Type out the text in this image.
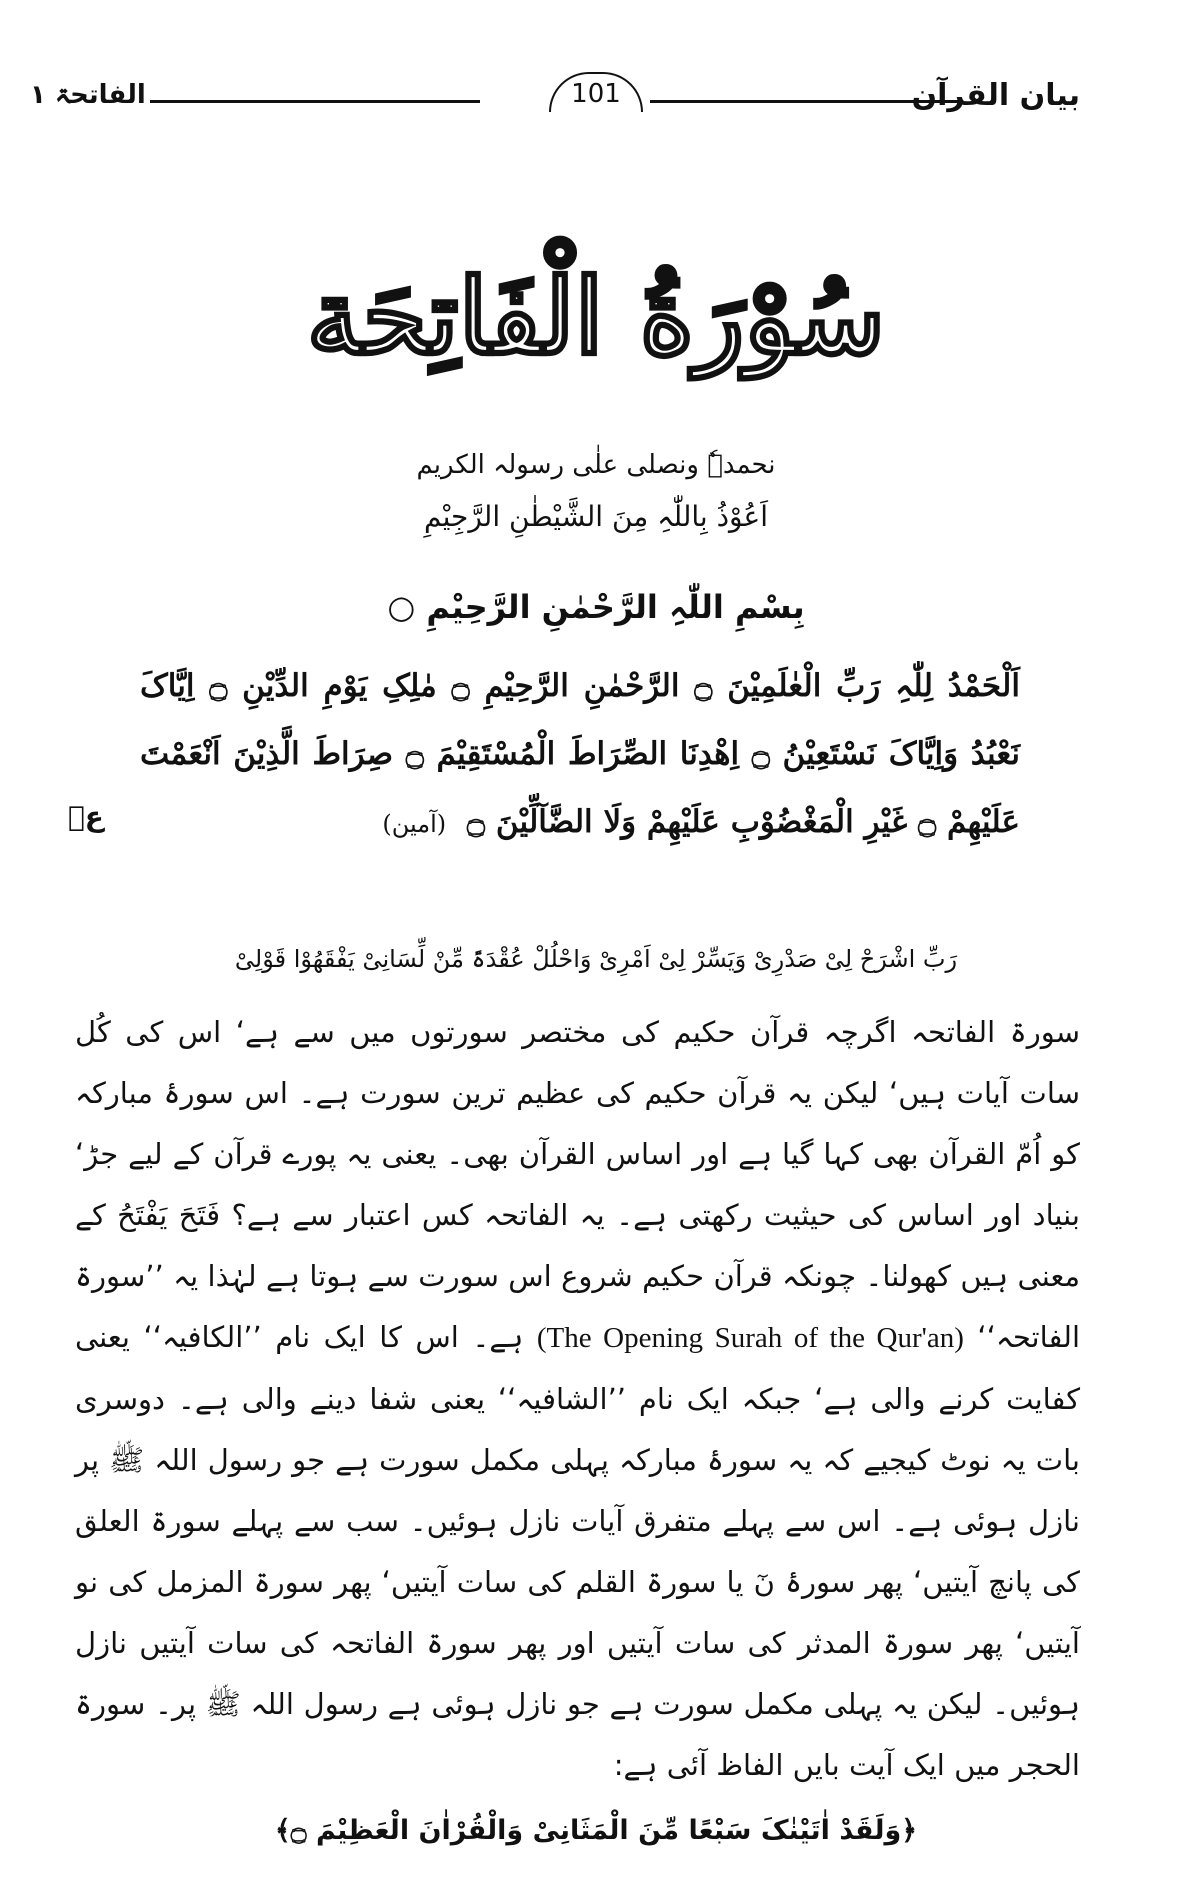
الفاتحۃ ۱	101	بیان القرآن
سُوْرَةُ الْفَاتِحَة
نحمدہٗ ونصلی علٰی رسولہ الکریم
اَعُوْذُ بِاللّٰہِ مِنَ الشَّیْطٰنِ الرَّجِیْمِ
بِسْمِ اللّٰہِ الرَّحْمٰنِ الرَّحِیْمِ ○
اَلْحَمْدُ لِلّٰہِ رَبِّ الْعٰلَمِیْنَ ۝ الرَّحْمٰنِ الرَّحِیْمِ ۝ مٰلِکِ یَوْمِ الدِّیْنِ ۝ اِیَّاکَ نَعْبُدُ وَاِیَّاکَ نَسْتَعِیْنُ ۝ اِھْدِنَا الصِّرَاطَ الْمُسْتَقِیْمَ ۝ صِرَاطَ الَّذِیْنَ اَنْعَمْتَ عَلَیْھِمْ ۝ غَیْرِ الْمَغْضُوْبِ عَلَیْھِمْ وَلَا الضَّآلِّیْنَ ۝ (آمین)
عۡ
رَبِّ اشْرَحْ لِیْ صَدْرِیْ وَیَسِّرْ لِیْ اَمْرِیْ وَاحْلُلْ عُقْدَۃً مِّنْ لِّسَانِیْ یَفْقَھُوْا قَوْلِیْ
سورۃ الفاتحہ اگرچہ قرآن حکیم کی مختصر سورتوں میں سے ہے‘ اس کی کُل سات آیات ہیں‘ لیکن یہ قرآن حکیم کی عظیم ترین سورت ہے۔ اس سورۂ مبارکہ کو اُمّ القرآن بھی کہا گیا ہے اور اساس القرآن بھی۔ یعنی یہ پورے قرآن کے لیے جڑ‘ بنیاد اور اساس کی حیثیت رکھتی ہے۔ یہ الفاتحہ کس اعتبار سے ہے؟ فَتَحَ یَفْتَحُ کے معنی ہیں کھولنا۔ چونکہ قرآن حکیم شروع اس سورت سے ہوتا ہے لہٰذا یہ ’’سورۃ الفاتحہ‘‘ (The Opening Surah of the Qur'an) ہے۔ اس کا ایک نام ’’الکافیہ‘‘ یعنی کفایت کرنے والی ہے‘ جبکہ ایک نام ’’الشافیہ‘‘ یعنی شفا دینے والی ہے۔ دوسری بات یہ نوٹ کیجیے کہ یہ سورۂ مبارکہ پہلی مکمل سورت ہے جو رسول اللہ ﷺ پر نازل ہوئی ہے۔ اس سے پہلے متفرق آیات نازل ہوئیں۔ سب سے پہلے سورۃ العلق کی پانچ آیتیں‘ پھر سورۂ نٓ یا سورۃ القلم کی سات آیتیں‘ پھر سورۃ المزمل کی نو آیتیں‘ پھر سورۃ المدثر کی سات آیتیں اور پھر سورۃ الفاتحہ کی سات آیتیں نازل ہوئیں۔ لیکن یہ پہلی مکمل سورت ہے جو نازل ہوئی ہے رسول اللہ ﷺ پر۔ سورۃ الحجر میں ایک آیت بایں الفاظ آئی ہے:
﴿وَلَقَدْ اٰتَیْنٰکَ سَبْعًا مِّنَ الْمَثَانِیْ وَالْقُرْاٰنَ الْعَظِیْمَ ۝﴾
